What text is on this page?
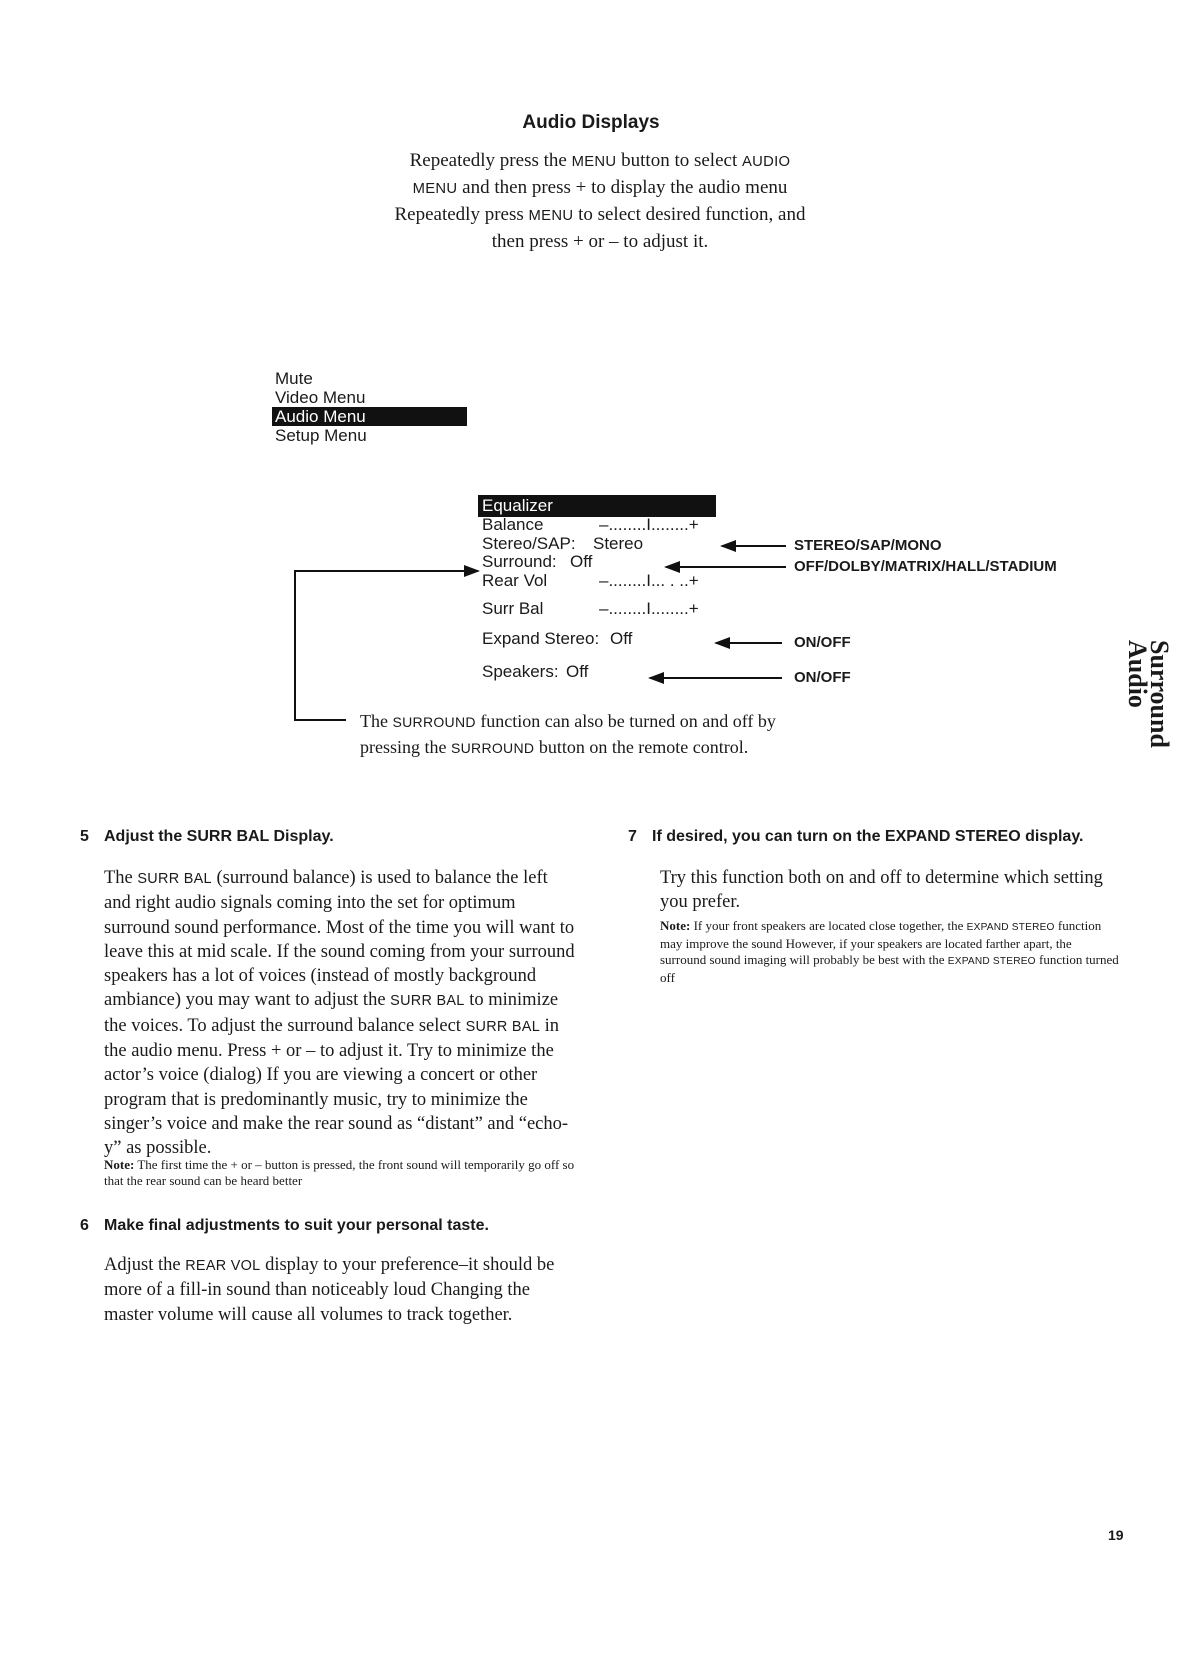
Audio Displays
Repeatedly press the MENU button to select AUDIO
MENU and then press + to display the audio menu
Repeatedly press MENU to select desired function, and
then press + or – to adjust it.
Mute
Video Menu
Audio Menu
Setup Menu
Equalizer
Balance	–........I........+
Stereo/SAP: Stereo
Surround: Off
Rear Vol	–........I... . ..+
Surr Bal	–........I........+
Expand Stereo: Off
Speakers: Off
STEREO/SAP/MONO
OFF/DOLBY/MATRIX/HALL/STADIUM
ON/OFF
ON/OFF
The SURROUND function can also be turned on and off by
pressing the SURROUND button on the remote control.	Surround
Audio
5 Adjust the SURR BAL Display.
The SURR BAL (surround balance) is used to balance the left and right audio signals coming into the set for optimum surround sound performance. Most of the time you will want to leave this at mid scale. If the sound coming from your surround speakers has a lot of voices (instead of mostly background ambiance) you may want to adjust the SURR BAL to minimize the voices. To adjust the surround balance select SURR BAL in the audio menu. Press + or – to adjust it. Try to minimize the actor’s voice (dialog) If you are viewing a concert or other program that is predominantly music, try to minimize the singer’s voice and make the rear sound as “distant” and “echo-y” as possible.
Note: The first time the + or – button is pressed, the front sound will temporarily go off so that the rear sound can be heard better
6 Make final adjustments to suit your personal taste.
Adjust the REAR VOL display to your preference–it should be more of a fill-in sound than noticeably loud Changing the master volume will cause all volumes to track together.
7 If desired, you can turn on the EXPAND STEREO display.
Try this function both on and off to determine which setting you prefer.
Note: If your front speakers are located close together, the EXPAND STEREO function may improve the sound However, if your speakers are located farther apart, the surround sound imaging will probably be best with the EXPAND STEREO function turned off
19
